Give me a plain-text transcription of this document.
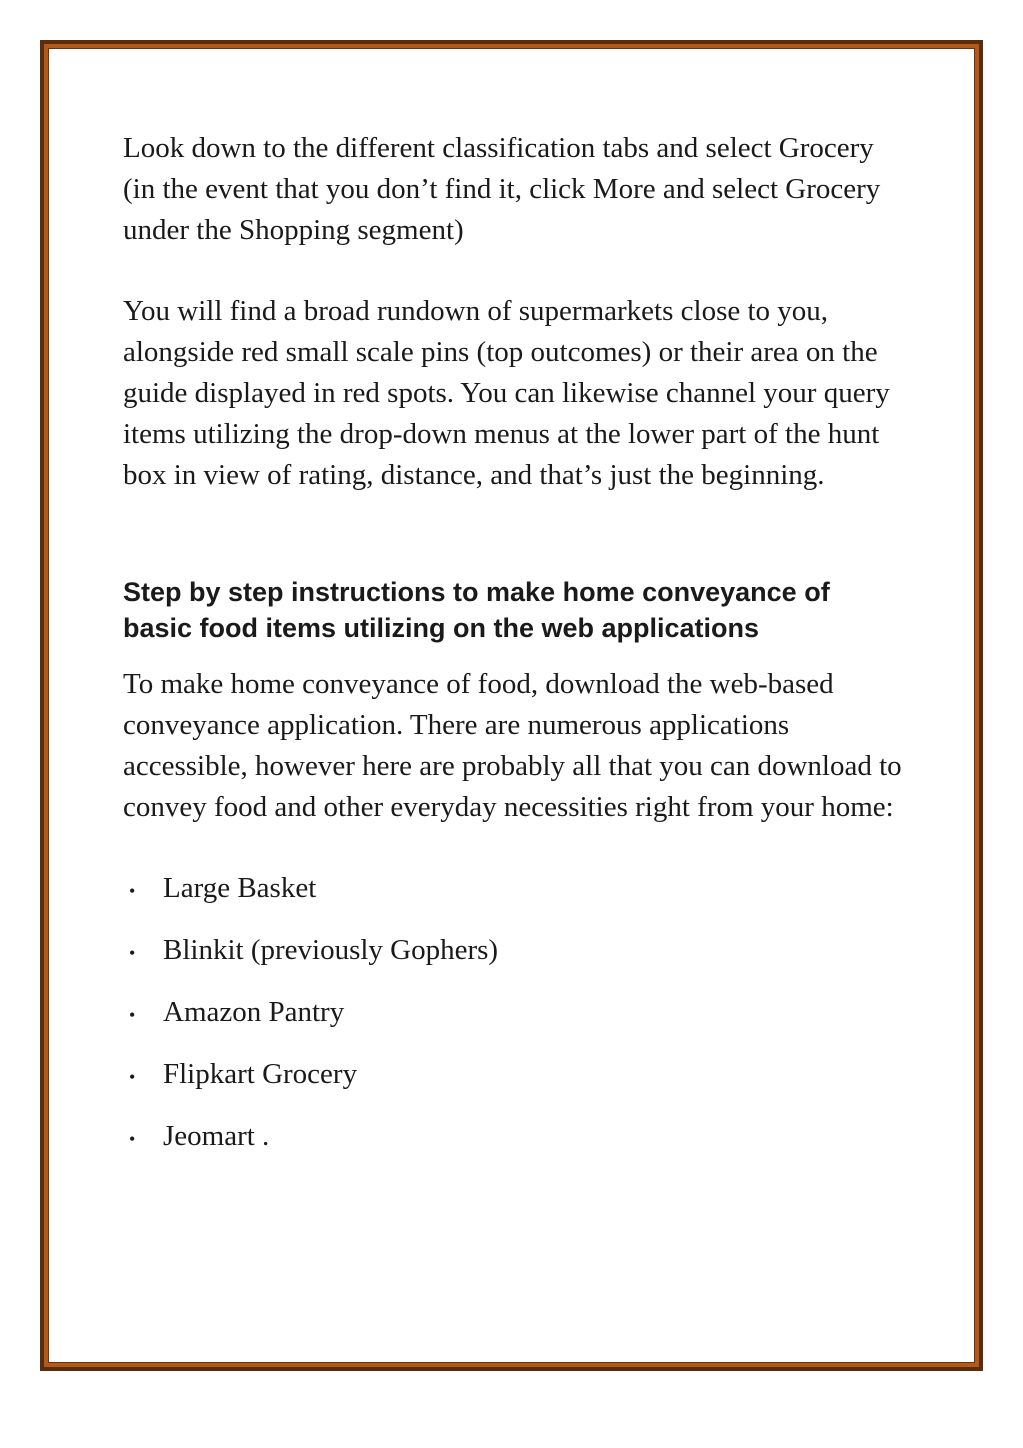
Look down to the different classification tabs and select Grocery (in the event that you don’t find it, click More and select Grocery under the Shopping segment)

You will find a broad rundown of supermarkets close to you, alongside red small scale pins (top outcomes) or their area on the guide displayed in red spots. You can likewise channel your query items utilizing the drop-down menus at the lower part of the hunt box in view of rating, distance, and that’s just the beginning.

Step by step instructions to make home conveyance of basic food items utilizing on the web applications

To make home conveyance of food, download the web-based conveyance application. There are numerous applications accessible, however here are probably all that you can download to convey food and other everyday necessities right from your home:

• Large Basket
• Blinkit (previously Gophers)
• Amazon Pantry
• Flipkart Grocery
• Jeomart .
